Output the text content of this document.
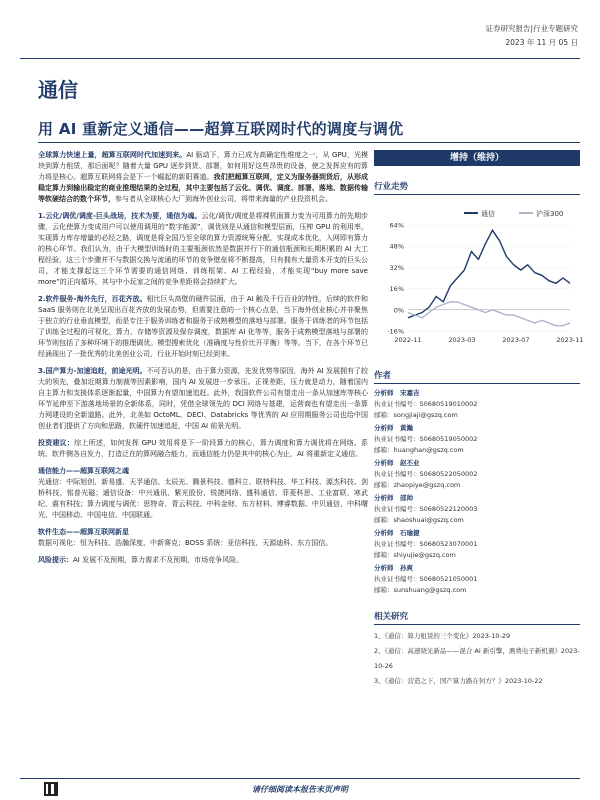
证券研究报告|行业专题研究
2023 年 11 月 05 日
通信
用 AI 重新定义通信——超算互联网时代的调度与调优

全球算力快速上量，超算互联网时代加速到来。AI 驱动下，算力已成为高确定性维度之一，从 GPU，光模块到算力租赁，那后面呢？随着大量 GPU 逐步到货、部署，如何用好这些昂贵的设备，使之发挥应有的算力将是核心。超算互联网将会是下一个崛起的新阳赛道。我们把超算互联网，定义为服务器到货后，从形成稳定算力到输出稳定的商业推理结果的全过程，其中主要包括了云化、调优、调度、部署、落地、数据传输等软硬结合的数个环节，参与者从全球核心大厂到海外创业公司，将带来海量的产业投资机会。

1.云化/调优/调度-巨头战场，技术为要，通信为魂。云化/调优/调度是将裸机面算力变为可用算力的先期步骤，云化使算力变成用户可以使用调用的“数字能源”，调优则是从通信和模型层面，压榨 GPU 的利用率，实现算力库存增量的必经之路，调度是将全国乃至全球的算力资源统筹分配，实现成本优化，入网即有算力的核心环节。我们认为，由于大模型训练时的主要瓶颈依然是数据并行下的通信瓶颈和长期积累的 AI 大工程经验，这三个步骤并不与数据交换与流通的环节的竞争壁垒将不断提高，只有拥有大量资本开支的巨头公司，才能支撑起这三个环节需要的通信网络、训练框架、AI 工程经验，才能实现“buy more save more”的正向循环，其与中小玩家之间的竞争差距将会持续扩大。

2.软件服务-海外先行，百花齐放。相比巨头高壁的硬件层面，由于 AI 触及千行百业的特性，后续的软件和 SaaS 服务则在北美呈现出百花齐放的发展态势，但需要注意的一个核心点是，当下海外创业核心并非聚焦于独立的行业垂直模型，而是专注于服务训练者和服务于成熟模型的落地与部署。服务于训练者的环节包括了训练全过程的可视化，算力、存储等资源及保存调度，数据库 AI 化等等，服务于成熟模型落地与部署的环节则包括了多种环境下的推理调优。模型搜索优化（准确度与性价比开平衡）等等。当下，在各个环节已经涌现出了一批优秀的北美创业公司，行业开始时刻已经到来。

3.国产算力-加速追赶，前途光明。不可否认的是，由于算力资源，先发优势等原因，海外 AI 发展拥有了较大的领先，叠加近期算力制裁等因素影响，国内 AI 发展进一步承压。正视差距，压力就是动力，随着国内自主算力和支援体系逐渐起量，中国算力有望加速追赶。此外，我国软件公司有望走出一条从加速库等核心环节延伸至下游落地场景的全新体系，同时，凭借全球领先的 DCI 网络与基建，运营商也有望走出一条算力网建设的全新道路。此外，北美如 OctoML、DECI、Databricks 等优秀的 AI 应用期服务公司也给中国创业者们提供了方向和思路，软硬件加速追赶，中国 AI 前景光明。

投资建议：综上所述，如何发挥 GPU 效用将是下一阶段算力的核心，算力调度和算力调优将在网络、系统、软件侧各自发力，打造泛在的算网融合能力，而通信能力仍是其中的核心为止，AI 将重新定义通信。

通信能力——超算互联网之魂
光通信：中际旭创、新易盛、天孚通信、太辰光、腾景科技、德科立、联特科技、华工科技、源杰科技、剑桥科技、铭普光磁；通信设备：中兴通讯、紫光股份、锐捷网络、盛科通信、菲菱科思、工业富联、寒武纪、震有科技；算力调度与调优：思特奇、青云科技、中科金财、东方材料、博睿数据、中贝通信、中科曙光、中国移动、中国电信、中国联通。

软件生态——超算互联网新星
数据可视化：恒为科技、浩瀚深度、中新赛克；BOSS 系统：亚信科技、天源迪科、东方国信。

风险提示：AI 发展不及预期，算力需求不及预期，市场竞争风险。

增持（维持）
行业走势
通信	沪深300
64%
48%
32%
16%
0%
-16%
2022-11	2023-03	2023-07	2023-11
作者
分析师　宋嘉吉
执业证书编号：S0680519010002
邮箱：songjiaji@gszq.com
分析师　黄瀚
执业证书编号：S0680519050002
邮箱：huanghan@gszq.com
分析师　赵丕业
执业证书编号：S0680522050002
邮箱：zhaopiye@gszq.com
分析师　邵帅
执业证书编号：S0680522120003
邮箱：shaoshuai@gszq.com
分析师　石瑜捷
执业证书编号：S0680523070001
邮箱：shiyujie@gszq.com
分析师　孙爽
执业证书编号：S0680521050001
邮箱：sunshuang@gszq.com
相关研究
1、《通信：算力租赁的三个变化》2023-10-29
2、《通信：高速晓光新品——混合 AI 新引擎，测费电子新机遇》2023-10-26
3、《通信：营造之下，国产算力路在何方？》2023-10-22
请仔细阅读本报告末页声明
